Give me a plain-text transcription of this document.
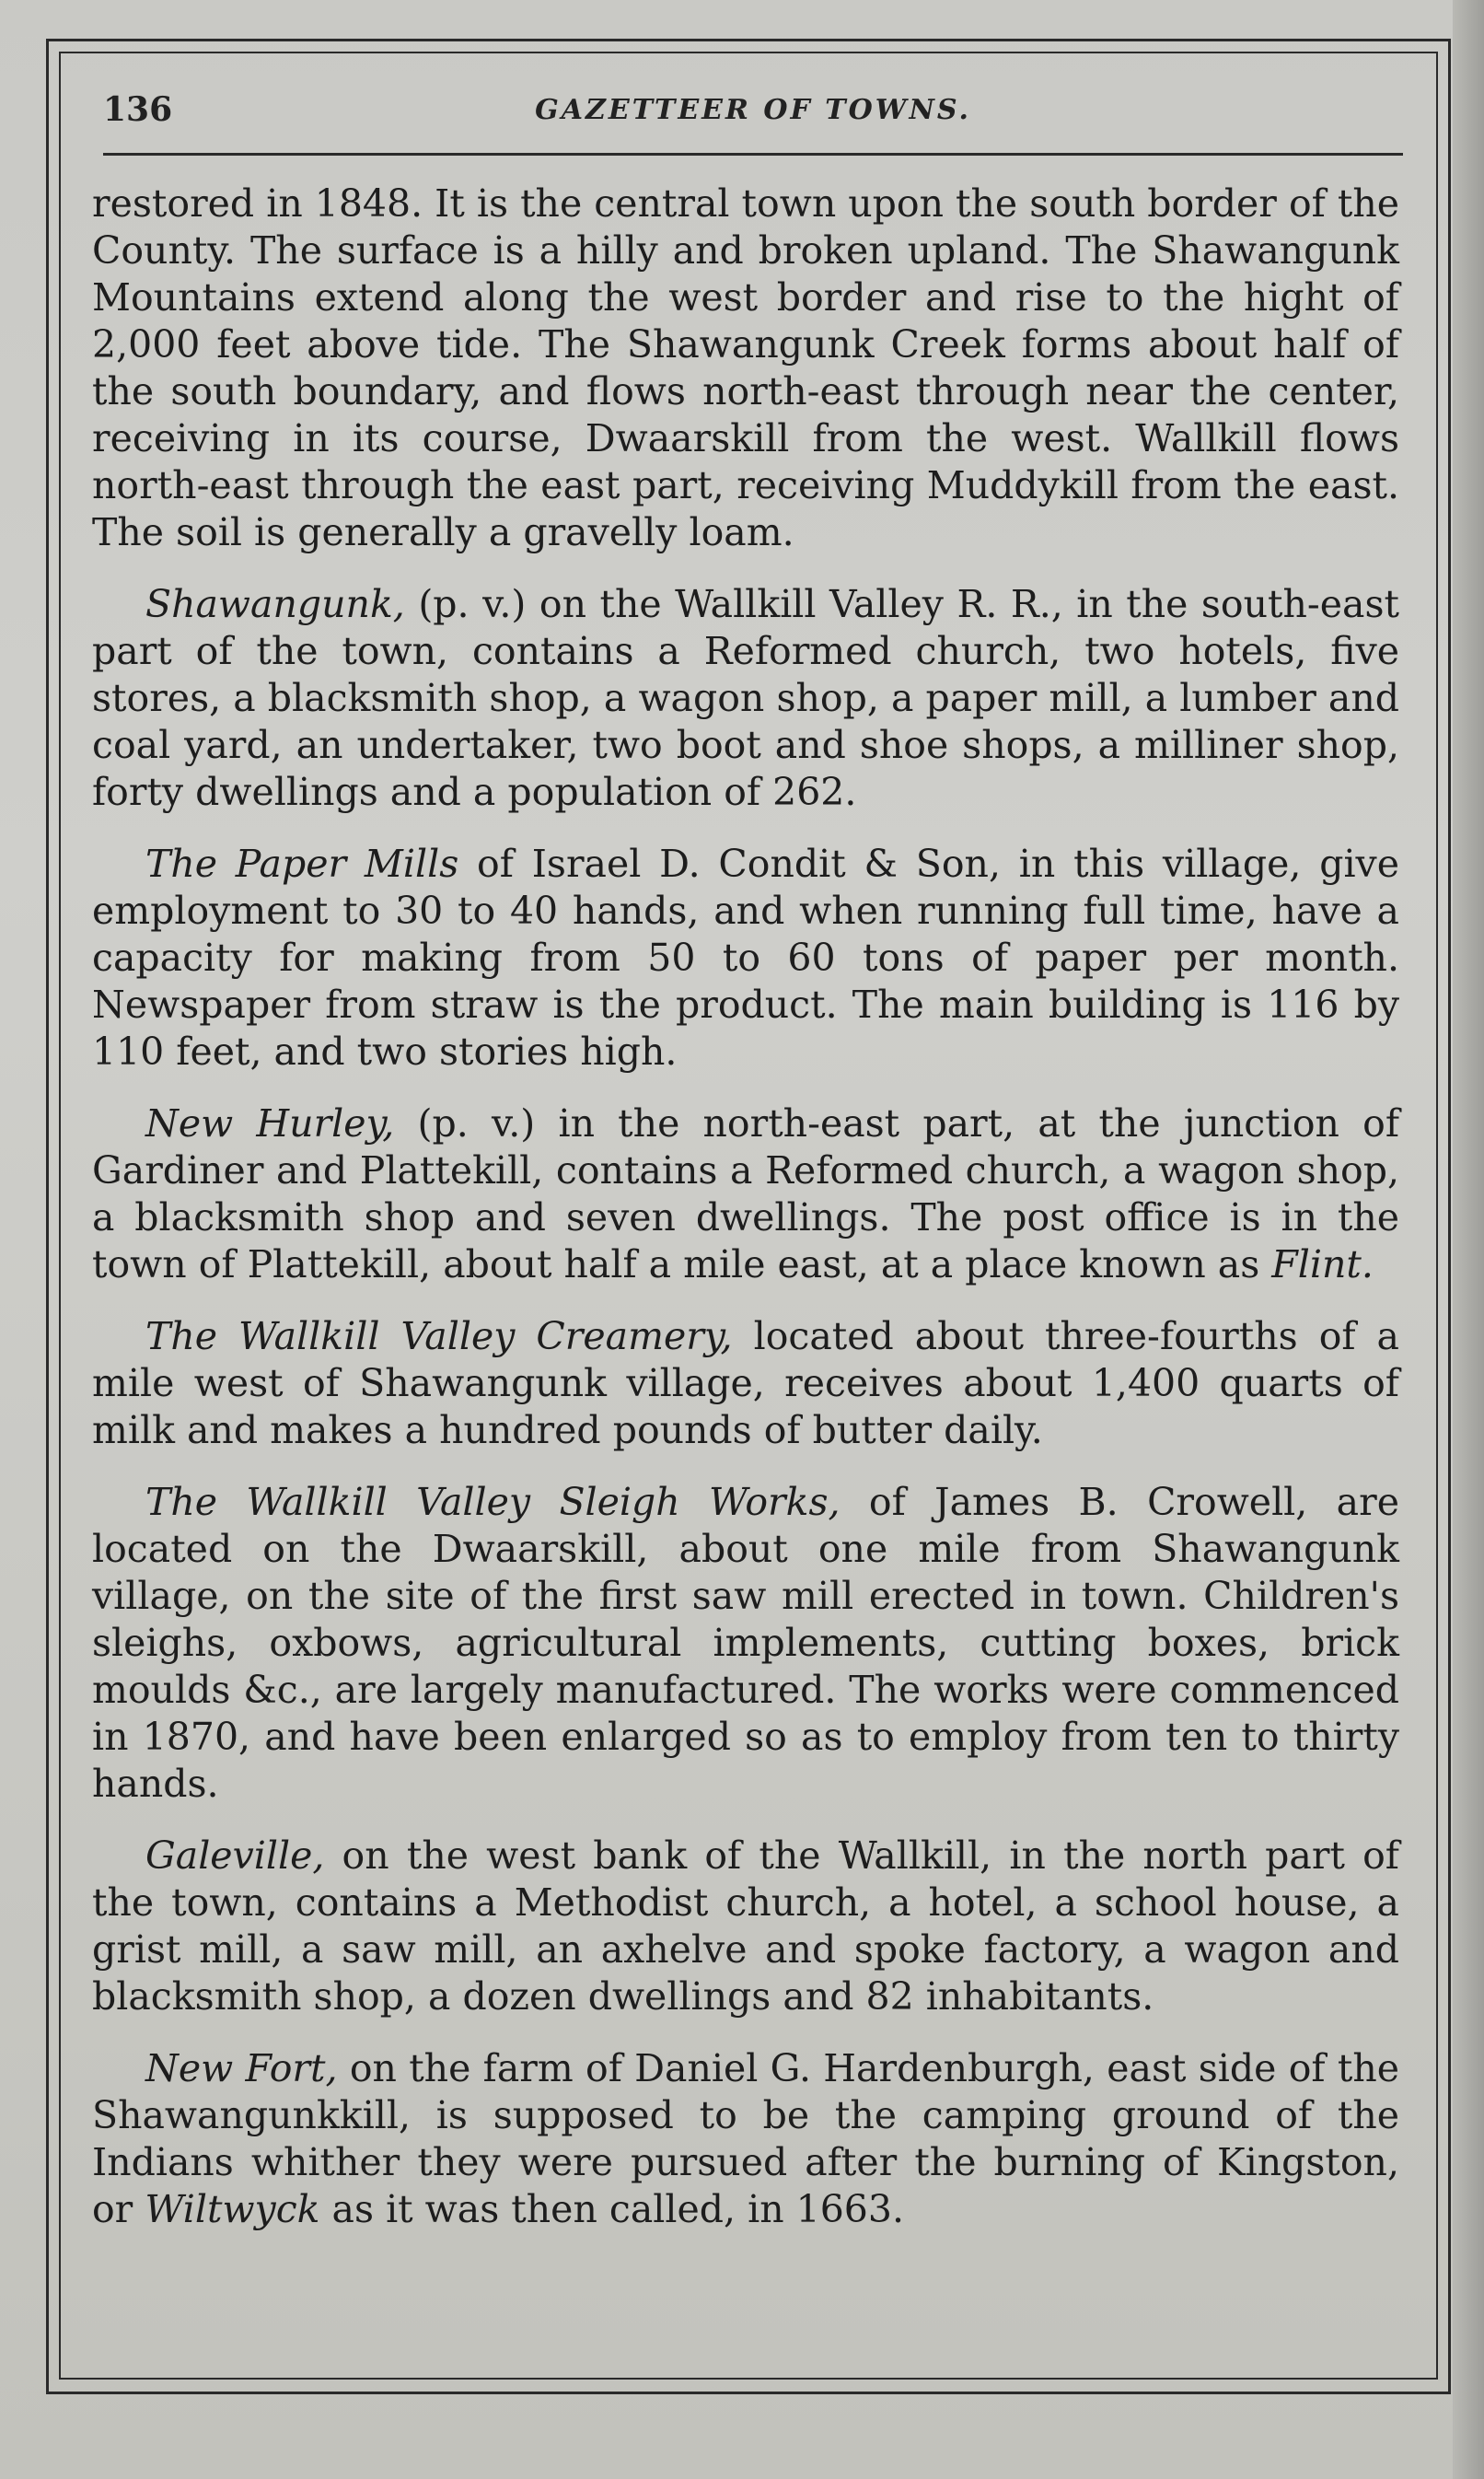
136	GAZETTEER OF TOWNS.

restored in 1848. It is the central town upon the south border of the County. The surface is a hilly and broken upland. The Shawangunk Mountains extend along the west border and rise to the hight of 2,000 feet above tide. The Shawangunk Creek forms about half of the south boundary, and flows north-east through near the center, receiving in its course, Dwaarskill from the west. Wallkill flows north-east through the east part, receiving Muddykill from the east. The soil is generally a gravelly loam.

Shawangunk, (p. v.) on the Wallkill Valley R. R., in the south-east part of the town, contains a Reformed church, two hotels, five stores, a blacksmith shop, a wagon shop, a paper mill, a lumber and coal yard, an undertaker, two boot and shoe shops, a milliner shop, forty dwellings and a population of 262.

The Paper Mills of Israel D. Condit & Son, in this village, give employment to 30 to 40 hands, and when running full time, have a capacity for making from 50 to 60 tons of paper per month. Newspaper from straw is the product. The main building is 116 by 110 feet, and two stories high.

New Hurley, (p. v.) in the north-east part, at the junction of Gardiner and Plattekill, contains a Reformed church, a wagon shop, a blacksmith shop and seven dwellings. The post office is in the town of Plattekill, about half a mile east, at a place known as Flint.

The Wallkill Valley Creamery, located about three-fourths of a mile west of Shawangunk village, receives about 1,400 quarts of milk and makes a hundred pounds of butter daily.

The Wallkill Valley Sleigh Works, of James B. Crowell, are located on the Dwaarskill, about one mile from Shawangunk village, on the site of the first saw mill erected in town. Children's sleighs, oxbows, agricultural implements, cutting boxes, brick moulds &c., are largely manufactured. The works were commenced in 1870, and have been enlarged so as to employ from ten to thirty hands.

Galeville, on the west bank of the Wallkill, in the north part of the town, contains a Methodist church, a hotel, a school house, a grist mill, a saw mill, an axhelve and spoke factory, a wagon and blacksmith shop, a dozen dwellings and 82 inhabitants.

New Fort, on the farm of Daniel G. Hardenburgh, east side of the Shawangunkkill, is supposed to be the camping ground of the Indians whither they were pursued after the burning of Kingston, or Wiltwyck as it was then called, in 1663.
